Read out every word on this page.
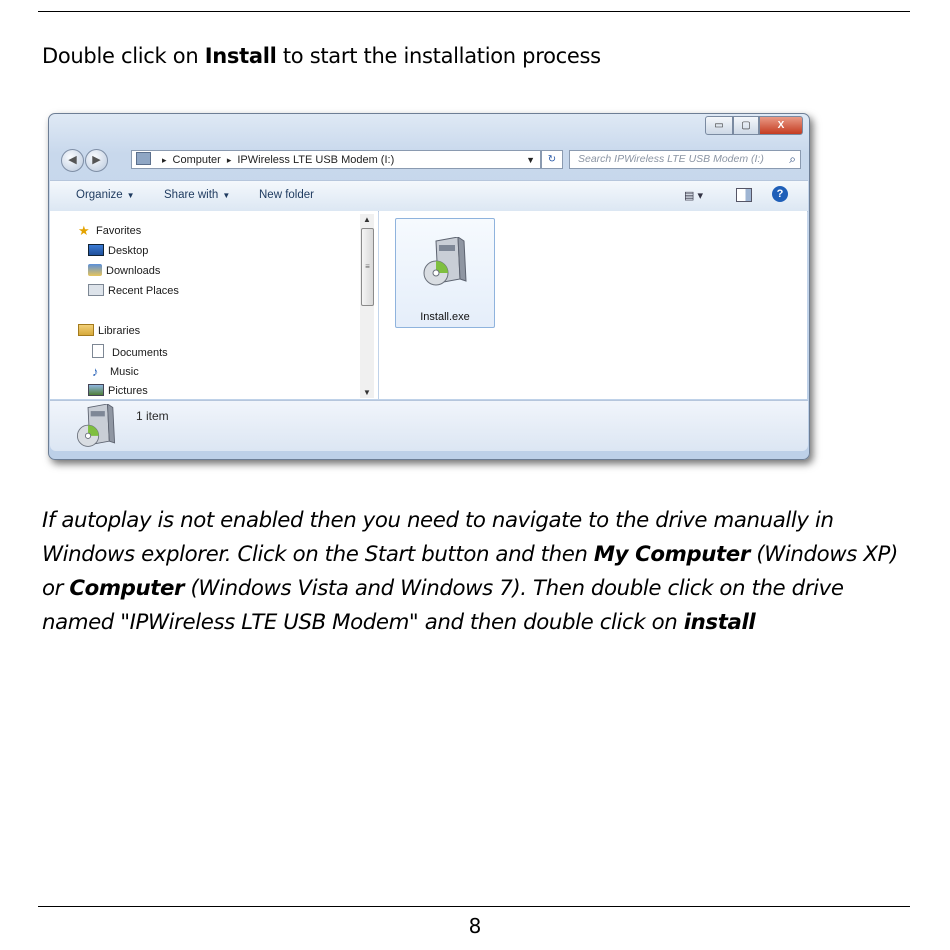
Double click on Install to start the installation process
▭	▢	X
◀	▶	▸ Computer ▸ IPWireless LTE USB Modem (I:)	▼	↻	Search IPWireless LTE USB Modem (I:) ⌕
Organize ▼	Share with ▼ New folder	▤ ▾	?
★ Favorites
Desktop
Downloads
Recent Places
Libraries
Documents
♪ Music
Pictures
▲
≡
▼
Install.exe
1 item
If autoplay is not enabled then you need to navigate to the drive manually in Windows explorer. Click on the Start button and then My Computer (Windows XP) or Computer (Windows Vista and Windows 7). Then double click on the drive named "IPWireless LTE USB Modem" and then double click on install
8
